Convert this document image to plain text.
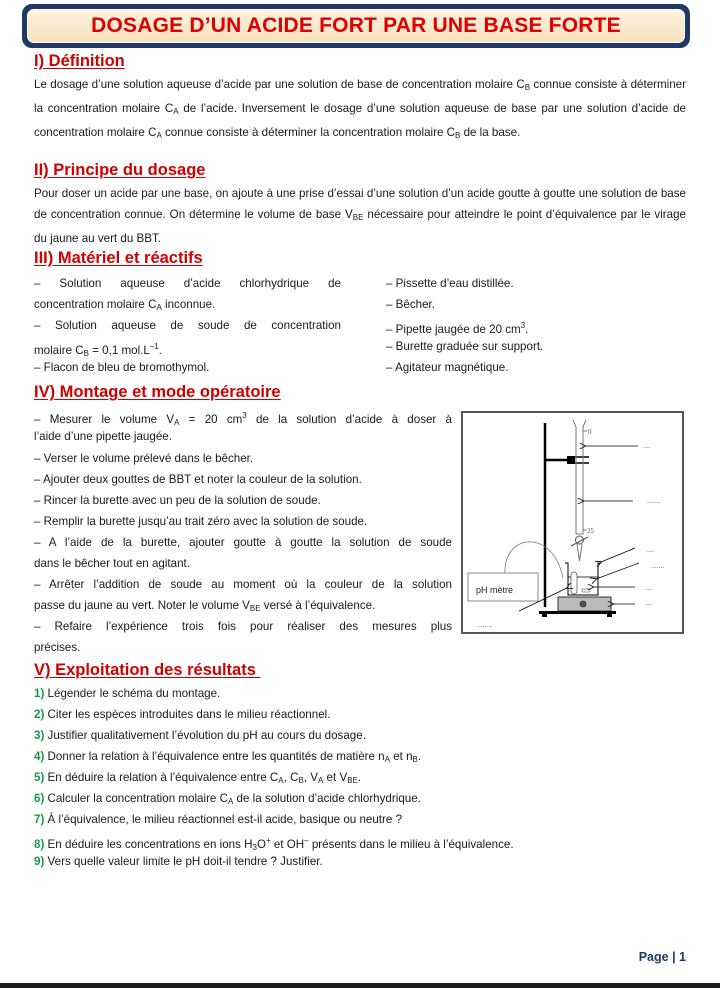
DOSAGE D’UN ACIDE FORT PAR UNE BASE FORTE
I) Définition
Le dosage d’une solution aqueuse d’acide par une solution de base de concentration molaire $C_B$ connue consiste à déterminer la concentration molaire $C_A$ de l’acide. Inversement le dosage d’une solution aqueuse de base par une solution d’acide de concentration molaire $C_A$ connue consiste à déterminer la concentration molaire $C_B$ de la base.
II) Principe du dosage
Pour doser un acide par une base, on ajoute à une prise d’essai d’une solution d’un acide goutte à goutte une solution de base de concentration connue. On détermine le volume de base $V_{BE}$ nécessaire pour atteindre le point d’équivalence par le virage du jaune au vert du BBT.
III) Matériel et réactifs
– Solution aqueuse d’acide chlorhydrique de
concentration molaire $C_A$ inconnue.
– Solution aqueuse de soude de concentration
molaire $C_B = 0,1$ $mol.L^{-1}$.
– Flacon de bleu de bromothymol.
– Pissette d’eau distillée.
– Bêcher.
– Pipette jaugée de 20 $cm^3$.
– Burette graduée sur support.
– Agitateur magnétique.
IV) Montage et mode opératoire
– Mesurer le volume $V_A = 20$ $cm^3$ de la solution d’acide à doser à
l’aide d’une pipette jaugée.
– Verser le volume prélevé dans le bêcher.
– Ajouter deux gouttes de BBT et noter la couleur de la solution.
– Rincer la burette avec un peu de la solution de soude.
– Remplir la burette jusqu’au trait zéro avec la solution de soude.
– A l’aide de la burette, ajouter goutte à goutte la solution de soude
dans le bêcher tout en agitant.
– Arrêter l’addition de soude au moment où la couleur de la solution
passe du jaune au vert. Noter le volume $V_{BE}$ versé à l’équivalence.
– Refaire l’expérience trois fois pour réaliser des mesures plus
précises.
0
25
pH mètre
....
.......
....
.......
....
....
........
V) Exploitation des résultats
1) Légender le schéma du montage.
2) Citer les espèces introduites dans le milieu réactionnel.
3) Justifier qualitativement l’évolution du pH au cours du dosage.
4) Donner la relation à l’équivalence entre les quantités de matière $n_A$ et $n_B$.
5) En déduire la relation à l’équivalence entre $C_A$, $C_B$, $V_A$ et $V_{BE}$.
6) Calculer la concentration molaire $C_A$ de la solution d’acide chlorhydrique.
7) À l’équivalence, le milieu réactionnel est-il acide, basique ou neutre ?
8) En déduire les concentrations en ions $H_3O^+$ et OH– présents dans le milieu à l’équivalence.
9) Vers quelle valeur limite le pH doit-il tendre ? Justifier.
Page | 1
